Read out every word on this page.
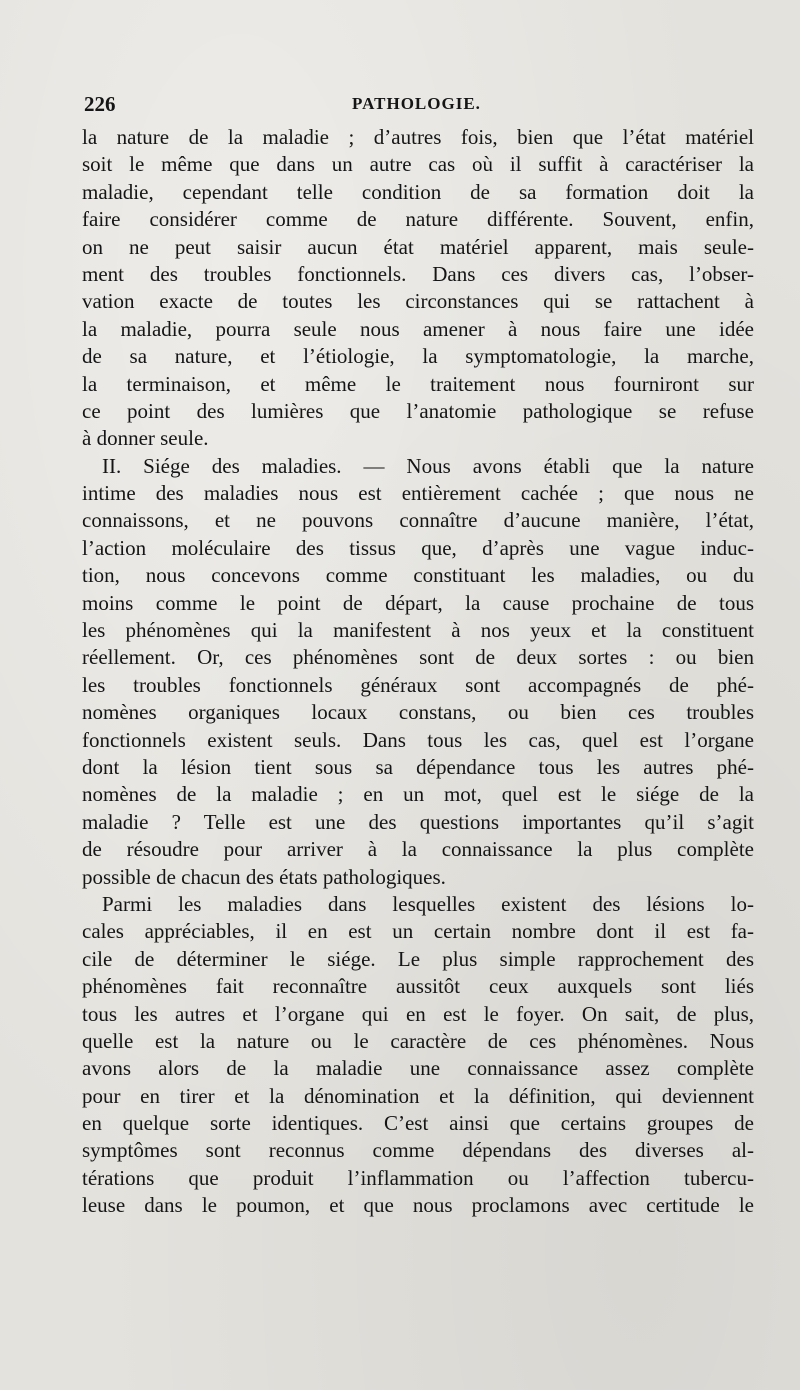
226	PATHOLOGIE.
la nature de la maladie ; d’autres fois, bien que l’état matériel
soit le même que dans un autre cas où il suffit à caractériser la
maladie, cependant telle condition de sa formation doit la
faire considérer comme de nature différente. Souvent, enfin,
on ne peut saisir aucun état matériel apparent, mais seule-
ment des troubles fonctionnels. Dans ces divers cas, l’obser-
vation exacte de toutes les circonstances qui se rattachent à
la maladie, pourra seule nous amener à nous faire une idée
de sa nature, et l’étiologie, la symptomatologie, la marche,
la terminaison, et même le traitement nous fourniront sur
ce point des lumières que l’anatomie pathologique se refuse
à donner seule.
II. Siége des maladies. — Nous avons établi que la nature
intime des maladies nous est entièrement cachée ; que nous ne
connaissons, et ne pouvons connaître d’aucune manière, l’état,
l’action moléculaire des tissus que, d’après une vague induc-
tion, nous concevons comme constituant les maladies, ou du
moins comme le point de départ, la cause prochaine de tous
les phénomènes qui la manifestent à nos yeux et la constituent
réellement. Or, ces phénomènes sont de deux sortes : ou bien
les troubles fonctionnels généraux sont accompagnés de phé-
nomènes organiques locaux constans, ou bien ces troubles
fonctionnels existent seuls. Dans tous les cas, quel est l’organe
dont la lésion tient sous sa dépendance tous les autres phé-
nomènes de la maladie ; en un mot, quel est le siége de la
maladie ? Telle est une des questions importantes qu’il s’agit
de résoudre pour arriver à la connaissance la plus complète
possible de chacun des états pathologiques.
Parmi les maladies dans lesquelles existent des lésions lo-
cales appréciables, il en est un certain nombre dont il est fa-
cile de déterminer le siége. Le plus simple rapprochement des
phénomènes fait reconnaître aussitôt ceux auxquels sont liés
tous les autres et l’organe qui en est le foyer. On sait, de plus,
quelle est la nature ou le caractère de ces phénomènes. Nous
avons alors de la maladie une connaissance assez complète
pour en tirer et la dénomination et la définition, qui deviennent
en quelque sorte identiques. C’est ainsi que certains groupes de
symptômes sont reconnus comme dépendans des diverses al-
térations que produit l’inflammation ou l’affection tubercu-
leuse dans le poumon, et que nous proclamons avec certitude le
